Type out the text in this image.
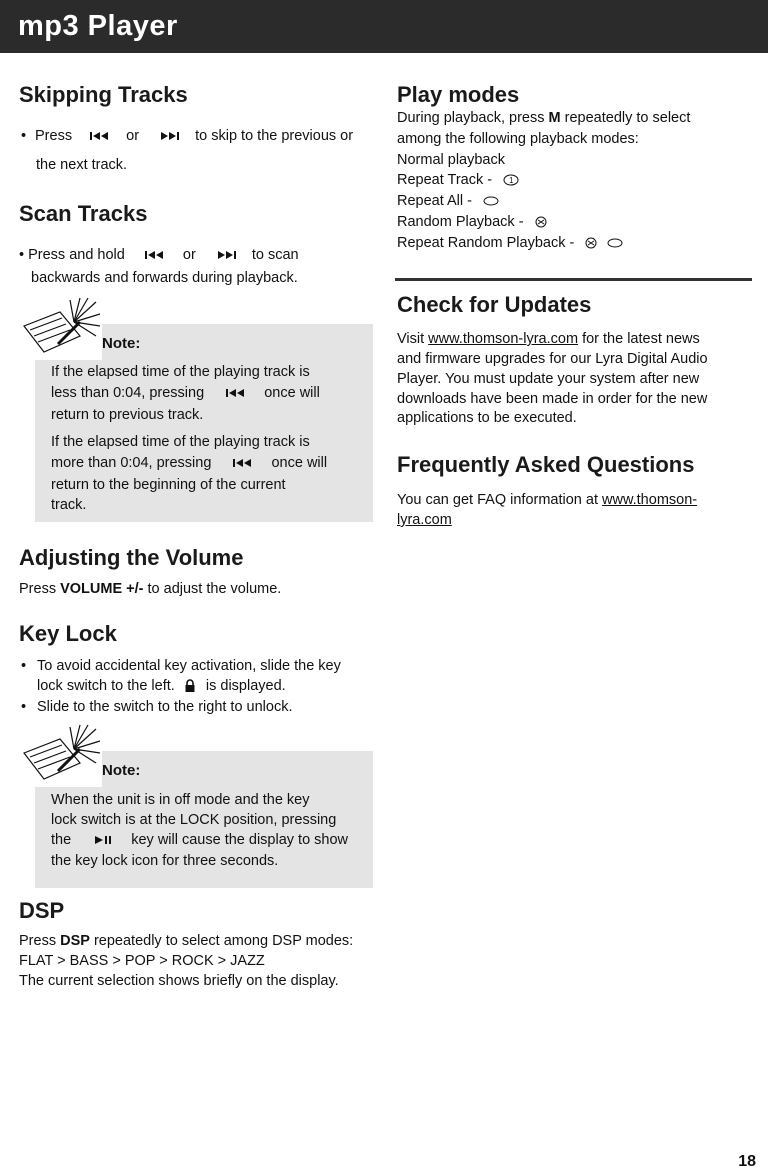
mp3 Player
Skipping Tracks
• Press	or	to skip to the previous or
the next track.
Scan Tracks
• Press and hold	or	to scan
backwards and forwards during playback.
Note:
If the elapsed time of the playing track is
less than 0:04, pressing	once will
return to previous track.
If the elapsed time of the playing track is
more than 0:04, pressing	once will
return to the beginning of the current
track.
Adjusting the Volume
Press VOLUME +/- to adjust the volume.
Key Lock
• To avoid accidental key activation, slide the key
lock switch to the left. is displayed.
• Slide to the switch to the right to unlock.
Note:
When the unit is in off mode and the key
lock switch is at the LOCK position, pressing
the	key will cause the display to show
the key lock icon for three seconds.
DSP
Press DSP repeatedly to select among DSP modes:
FLAT > BASS > POP > ROCK > JAZZ
The current selection shows briefly on the display.
Play modes
During playback, press M repeatedly to select
among the following playback modes:
Normal playback
Repeat Track - 1
Repeat All -
Random Playback -
Repeat Random Playback -
Check for Updates
Visit www.thomson-lyra.com for the latest news
and firmware upgrades for our Lyra Digital Audio
Player. You must update your system after new
downloads have been made in order for the new
applications to be executed.
Frequently Asked Questions
You can get FAQ information at www.thomson-
lyra.com
18
